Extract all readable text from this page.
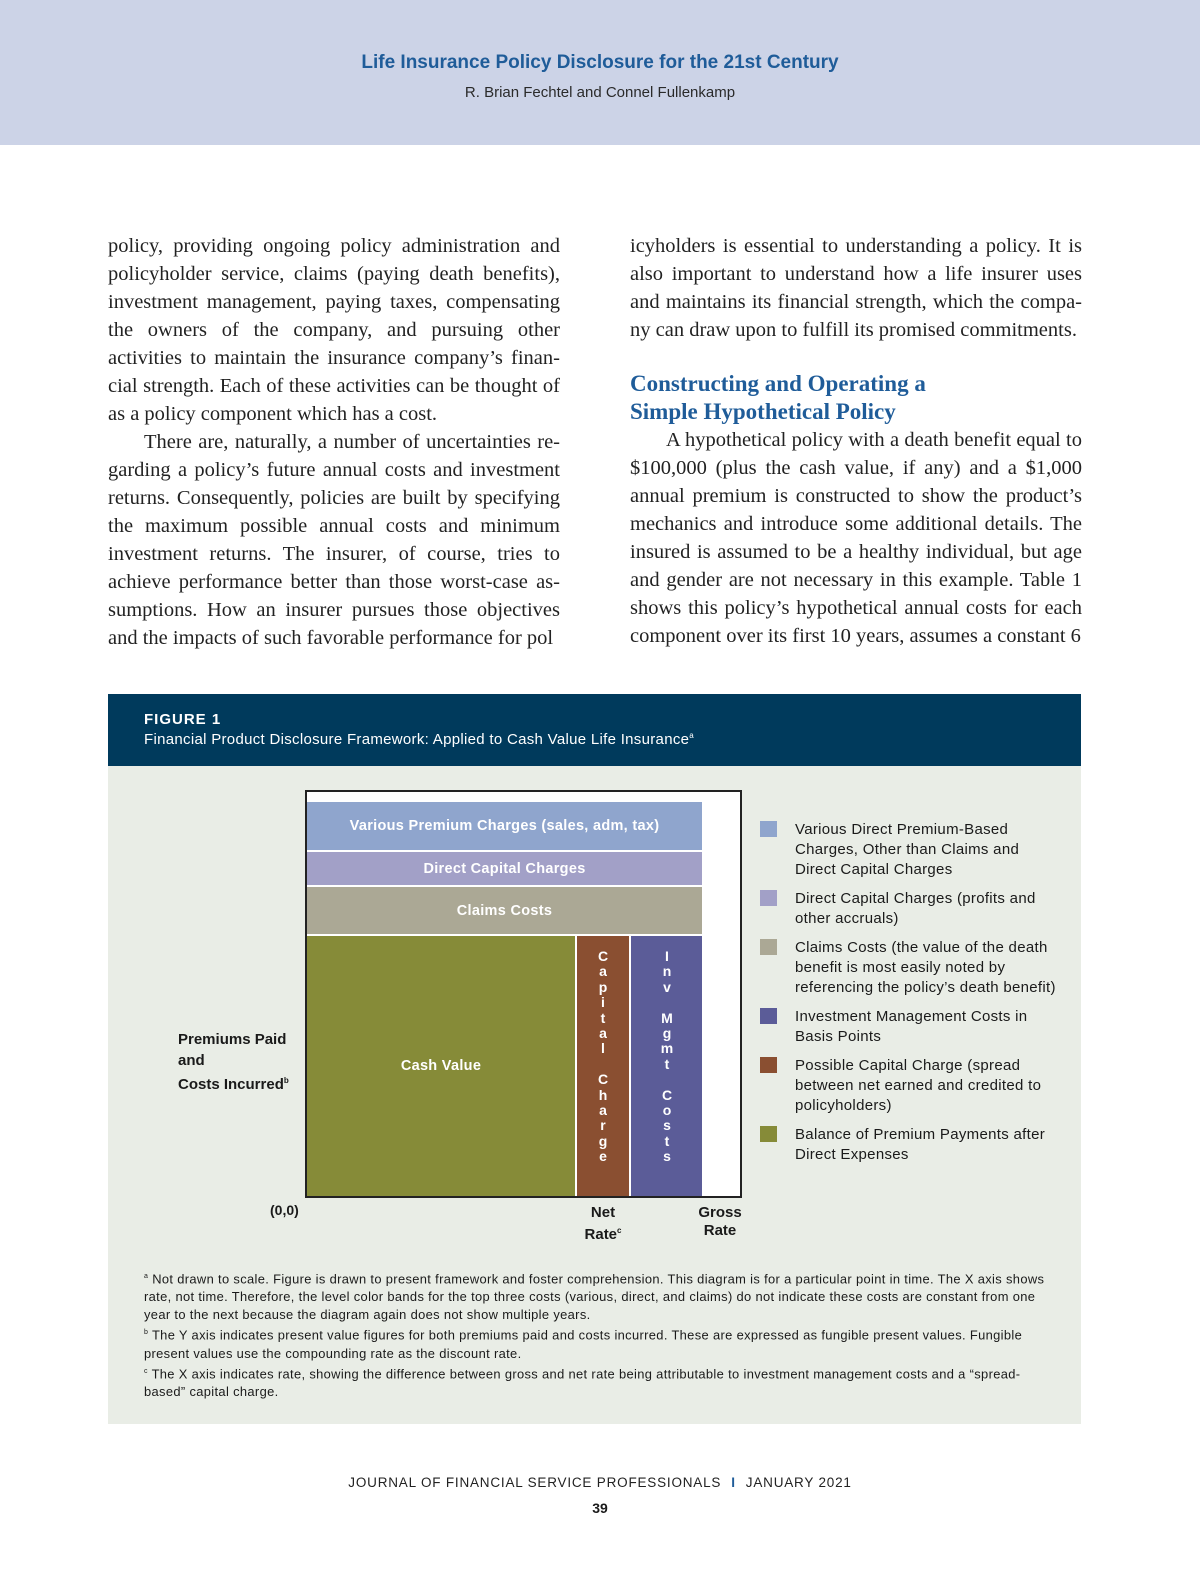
Life Insurance Policy Disclosure for the 21st Century
R. Brian Fechtel and Connel Fullenkamp

policy, providing ongoing policy administration and policyholder service, claims (paying death benefits), investment management, paying taxes, compensating the owners of the company, and pursuing other activities to maintain the insurance company’s financial strength. Each of these activities can be thought of as a policy component which has a cost.

There are, naturally, a number of uncertainties regarding a policy’s future annual costs and investment returns. Consequently, policies are built by specifying the maximum possible annual costs and minimum investment returns. The insurer, of course, tries to achieve performance better than those worst-case assumptions. How an insurer pursues those objectives and the impacts of such favorable performance for pol

icyholders is essential to understanding a policy. It is also important to understand how a life insurer uses and maintains its financial strength, which the company can draw upon to fulfill its promised commitments.

Constructing and Operating a
Simple Hypothetical Policy

A hypothetical policy with a death benefit equal to $100,000 (plus the cash value, if any) and a $1,000 annual premium is constructed to show the product’s mechanics and introduce some additional details. The insured is assumed to be a healthy individual, but age and gender are not necessary in this example. Table 1 shows this policy’s hypothetical annual costs for each component over its first 10 years, assumes a constant 6

FIGURE 1
Financial Product Disclosure Framework: Applied to Cash Value Life Insurance$^a$
Various Premium Charges (sales, adm, tax)
Direct Capital Charges
Claims Costs
Cash Value
C
a
p
i
t
a
l

C
h
a
r
g
e
I
n
v

M
g
m
t

C
o
s
t
s
Premiums Paid
and
Costs Incurred$^b$
(0,0)	Net
Rate$^c$
Gross
Rate
Various Direct Premium-Based Charges, Other than Claims and Direct Capital Charges
Direct Capital Charges (profits and other accruals)
Claims Costs (the value of the death benefit is most easily noted by referencing the policy’s death benefit)
Investment Management Costs in Basis Points
Possible Capital Charge (spread between net earned and credited to policyholders)
Balance of Premium Payments after Direct Expenses
$^a$ Not drawn to scale. Figure is drawn to present framework and foster comprehension. This diagram is for a particular point in time. The X axis shows rate, not time. Therefore, the level color bands for the top three costs (various, direct, and claims) do not indicate these costs are constant from one year to the next because the diagram again does not show multiple years.
$^b$ The Y axis indicates present value figures for both premiums paid and costs incurred. These are expressed as fungible present values. Fungible present values use the compounding rate as the discount rate.
$^c$ The X axis indicates rate, showing the difference between gross and net rate being attributable to investment management costs and a “spread-based” capital charge.
JOURNAL OF FINANCIAL SERVICE PROFESSIONALS I JANUARY 2021
39
